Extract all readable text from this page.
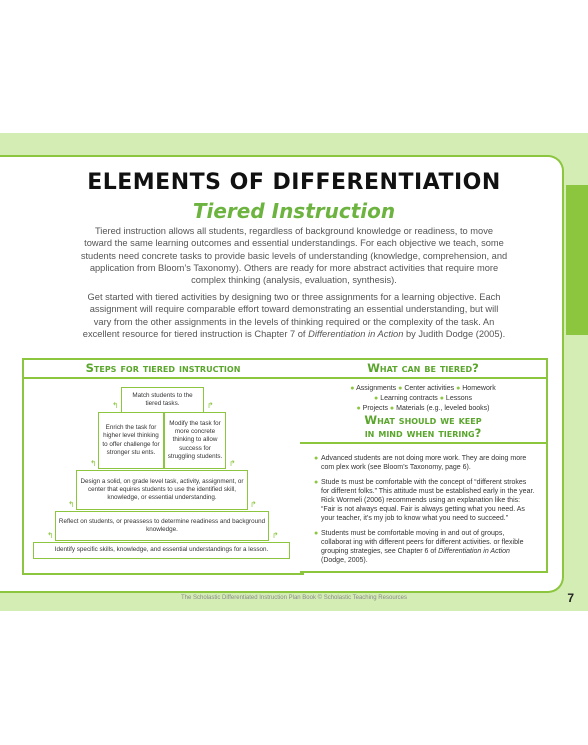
ELEMENTS OF DIFFERENTIATION
Tiered Instruction
Tiered instruction allows all students, regardless of background knowledge or readiness, to move toward the same learning outcomes and essential understandings. For each objective we teach, some students need concrete tasks to provide basic levels of understanding (knowledge, comprehension, and application from Bloom’s Taxonomy). Others are ready for more abstract activities that require more complex thinking (analysis, evaluation, synthesis).
Get started with tiered activities by designing two or three assignments for a learning objective. Each assignment will require comparable effort toward demonstrating an essential understanding, but will vary from the other assignments in the levels of thinking required or the complexity of the task. An excellent resource for tiered instruction is Chapter 7 of Differentiation in Action by Judith Dodge (2005).
Steps for tiered instruction
Match students to the tiered tasks.
Enrich the task for higher level thinking to offer challenge for stronger stu ents.
Modify the task for more concrete thinking to allow success for struggling students.
Design a solid, on grade level task, activity, assignment, or center that equires students to use the identified skill, knowledge, or essential understanding.
Reflect on students, or preassess to determine readiness and background knowledge.
Identify specific skills, knowledge, and essential understandings for a lesson.
↰	↱
↰	↱
↰	↱
↰	↱
What can be tiered?
● Assignments ● Center activities ● Homework
● Learning contracts ● Lessons
● Projects ● Materials (e.g., leveled books)
What should we keep
in mind when tiering?
● Advanced students are not doing more work. They are doing more com plex work (see Bloom’s Taxonomy, page 6).
● Stude ts must be comfortable with the concept of “different strokes for different folks.” This attitude must be established early in the year. Rick Wormeli (2006) recommends using an explanation like this: “Fair is not always equal. Fair is always getting what you need. As your teacher, it’s my job to know what you need to succeed.”
● Students must be comfortable moving in and out of groups, collaborat ing with different peers for different activities. or flexible grouping strategies, see Chapter 6 of Differentiation in Action (Dodge, 2005).
The Scholastic Differentiated Instruction Plan Book © Scholastic Teaching Resources	7
